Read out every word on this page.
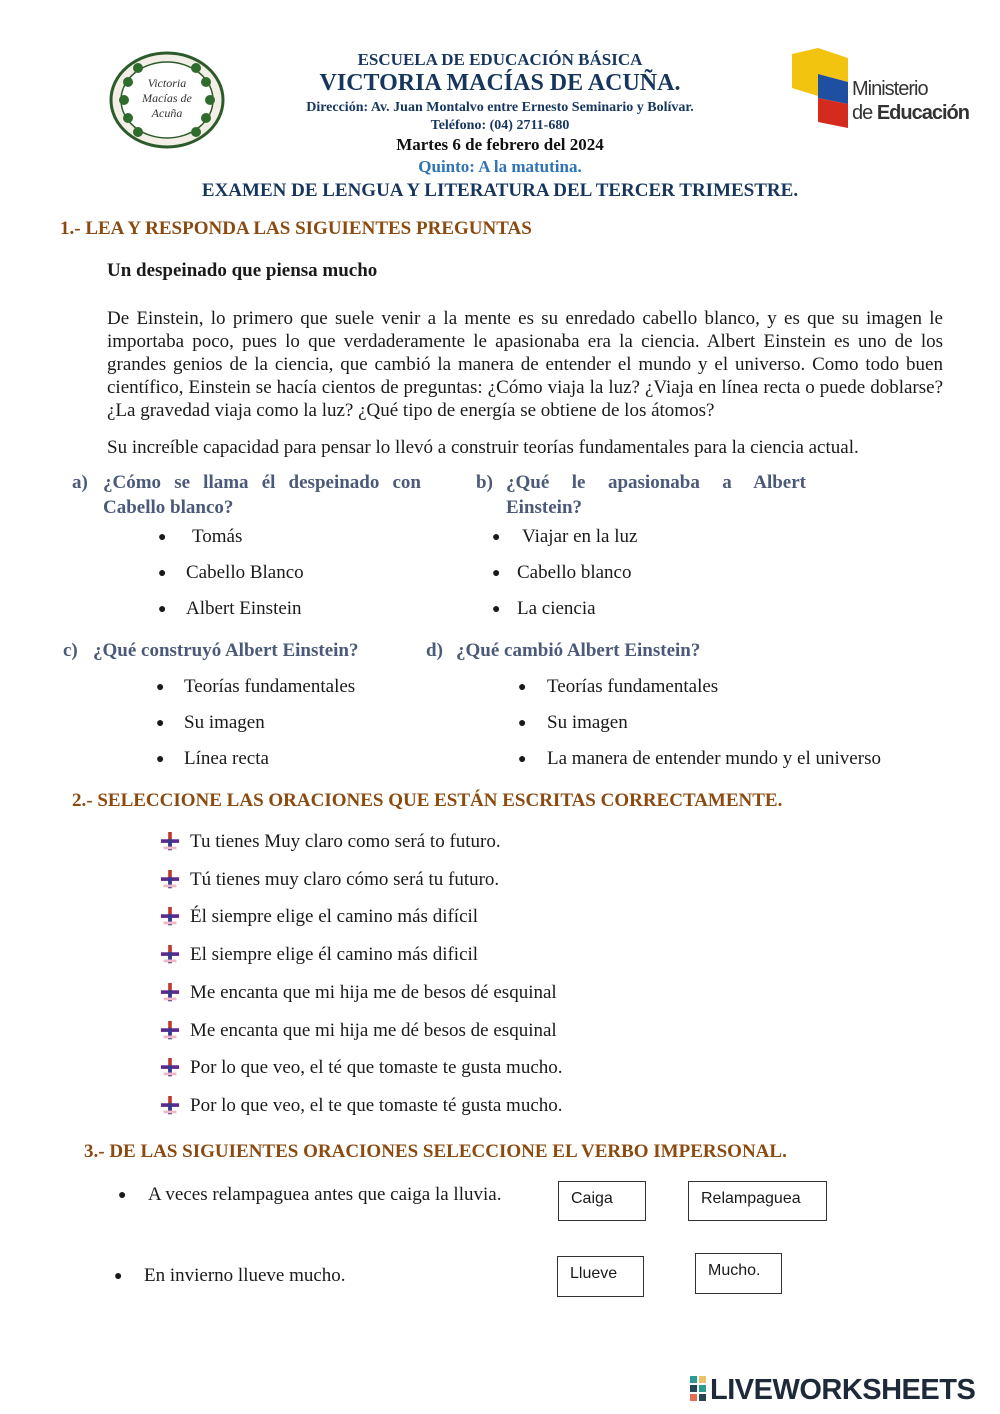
Victoria
Macías de
Acuña
ESCUELA DE EDUCACIÓN BÁSICA
VICTORIA MACÍAS DE ACUÑA.
Dirección: Av. Juan Montalvo entre Ernesto Seminario y Bolívar.
Teléfono: (04) 2711-680
Martes 6 de febrero del 2024
Quinto: A la matutina.
EXAMEN DE LENGUA Y LITERATURA DEL TERCER TRIMESTRE.
Ministerio
de Educación
1.- LEA Y RESPONDA LAS SIGUIENTES PREGUNTAS
Un despeinado que piensa mucho

De Einstein, lo primero que suele venir a la mente es su enredado cabello blanco, y es que su imagen le importaba poco, pues lo que verdaderamente le apasionaba era la ciencia. Albert Einstein es uno de los grandes genios de la ciencia, que cambió la manera de entender el mundo y el universo. Como todo buen científico, Einstein se hacía cientos de preguntas: ¿Cómo viaja la luz? ¿Viaja en línea recta o puede doblarse? ¿La gravedad viaja como la luz? ¿Qué tipo de energía se obtiene de los átomos?

Su increíble capacidad para pensar lo llevó a construir teorías fundamentales para la ciencia actual.

a) ¿Cómo se llama él despeinado con
Cabello blanco?
● Tomás
● Cabello Blanco
● Albert Einstein
b) ¿Qué le apasionaba a Albert
Einstein?
● Viajar en la luz
● Cabello blanco
● La ciencia
c) ¿Qué construyó Albert Einstein?
● Teorías fundamentales
● Su imagen
● Línea recta
d) ¿Qué cambió Albert Einstein?
● Teorías fundamentales
● Su imagen
● La manera de entender mundo y el universo
2.- SELECCIONE LAS ORACIONES QUE ESTÁN ESCRITAS CORRECTAMENTE.
Tu tienes Muy claro como será to futuro.
Tú tienes muy claro cómo será tu futuro.
Él siempre elige el camino más difícil
El siempre elige él camino más dificil
Me encanta que mi hija me de besos dé esquinal
Me encanta que mi hija me dé besos de esquinal
Por lo que veo, el té que tomaste te gusta mucho.
Por lo que veo, el te que tomaste té gusta mucho.
3.- DE LAS SIGUIENTES ORACIONES SELECCIONE EL VERBO IMPERSONAL.
● A veces relampaguea antes que caiga la lluvia.	Caiga	Relampaguea
● En invierno llueve mucho.	Llueve	Mucho.
LIVEWORKSHEETS
